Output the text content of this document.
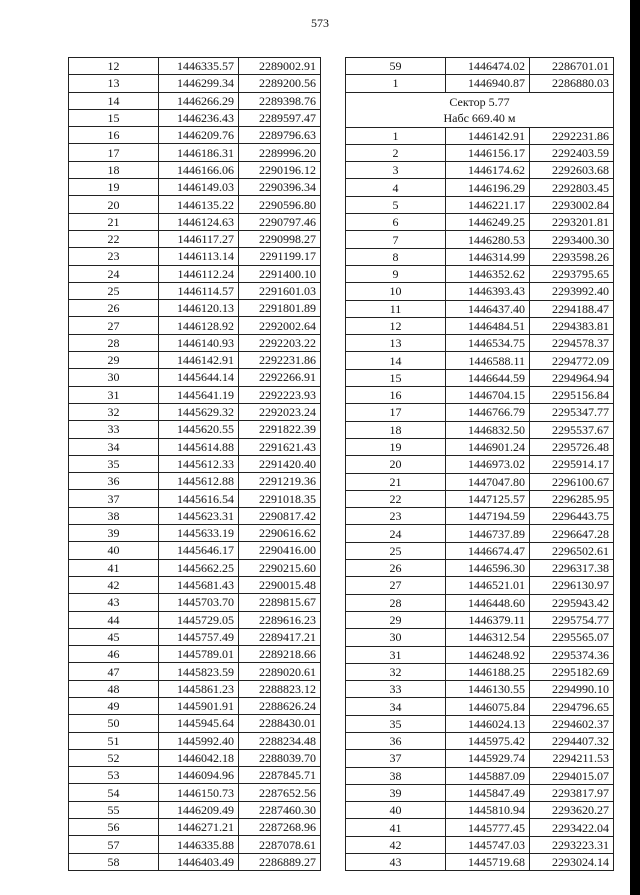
573
12	1446335.57	2289002.91
13	1446299.34	2289200.56
14	1446266.29	2289398.76
15	1446236.43	2289597.47
16	1446209.76	2289796.63
17	1446186.31	2289996.20
18	1446166.06	2290196.12
19	1446149.03	2290396.34
20	1446135.22	2290596.80
21	1446124.63	2290797.46
22	1446117.27	2290998.27
23	1446113.14	2291199.17
24	1446112.24	2291400.10
25	1446114.57	2291601.03
26	1446120.13	2291801.89
27	1446128.92	2292002.64
28	1446140.93	2292203.22
29	1446142.91	2292231.86
30	1445644.14	2292266.91
31	1445641.19	2292223.93
32	1445629.32	2292023.24
33	1445620.55	2291822.39
34	1445614.88	2291621.43
35	1445612.33	2291420.40
36	1445612.88	2291219.36
37	1445616.54	2291018.35
38	1445623.31	2290817.42
39	1445633.19	2290616.62
40	1445646.17	2290416.00
41	1445662.25	2290215.60
42	1445681.43	2290015.48
43	1445703.70	2289815.67
44	1445729.05	2289616.23
45	1445757.49	2289417.21
46	1445789.01	2289218.66
47	1445823.59	2289020.61
48	1445861.23	2288823.12
49	1445901.91	2288626.24
50	1445945.64	2288430.01
51	1445992.40	2288234.48
52	1446042.18	2288039.70
53	1446094.96	2287845.71
54	1446150.73	2287652.56
55	1446209.49	2287460.30
56	1446271.21	2287268.96
57	1446335.88	2287078.61
58	1446403.49	2286889.27
59	1446474.02	2286701.01
1	1446940.87	2286880.03

Сектор 5.77
Набс 669.40 м		

1	1446142.91	2292231.86
2	1446156.17	2292403.59
3	1446174.62	2292603.68
4	1446196.29	2292803.45
5	1446221.17	2293002.84
6	1446249.25	2293201.81
7	1446280.53	2293400.30
8	1446314.99	2293598.26
9	1446352.62	2293795.65
10	1446393.43	2293992.40
11	1446437.40	2294188.47
12	1446484.51	2294383.81
13	1446534.75	2294578.37
14	1446588.11	2294772.09
15	1446644.59	2294964.94
16	1446704.15	2295156.84
17	1446766.79	2295347.77
18	1446832.50	2295537.67
19	1446901.24	2295726.48
20	1446973.02	2295914.17
21	1447047.80	2296100.67
22	1447125.57	2296285.95
23	1447194.59	2296443.75
24	1446737.89	2296647.28
25	1446674.47	2296502.61
26	1446596.30	2296317.38
27	1446521.01	2296130.97
28	1446448.60	2295943.42
29	1446379.11	2295754.77
30	1446312.54	2295565.07
31	1446248.92	2295374.36
32	1446188.25	2295182.69
33	1446130.55	2294990.10
34	1446075.84	2294796.65
35	1446024.13	2294602.37
36	1445975.42	2294407.32
37	1445929.74	2294211.53
38	1445887.09	2294015.07
39	1445847.49	2293817.97
40	1445810.94	2293620.27
41	1445777.45	2293422.04
42	1445747.03	2293223.31
43	1445719.68	2293024.14
